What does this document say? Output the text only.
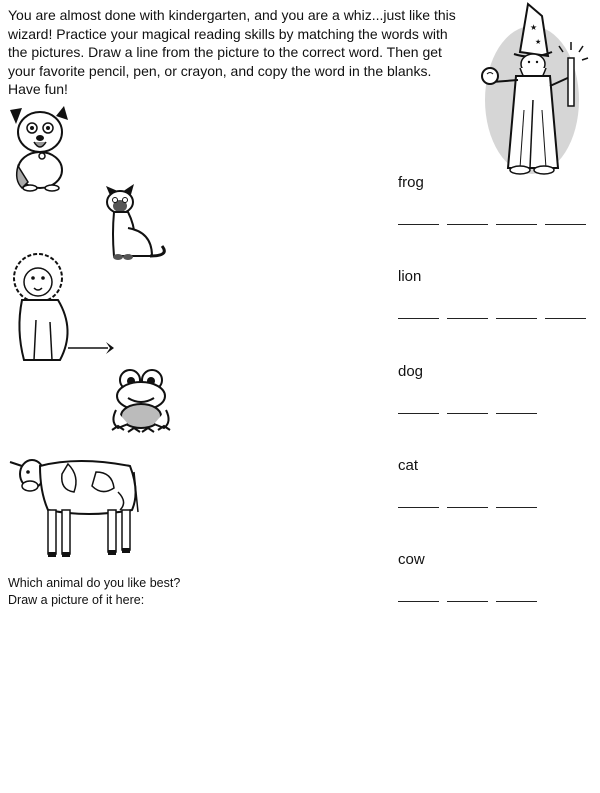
You are almost done with kindergarten, and you are a whiz...just like this
wizard! Practice your magical reading skills by matching the words with
the pictures. Draw a line from the picture to the correct word. Then get
your favorite pencil, pen, or crayon, and copy the word in the blanks.
Have fun!

★
★

frog

lion

dog

cat

cow

Which animal do you like best?

Draw a picture of it here:
